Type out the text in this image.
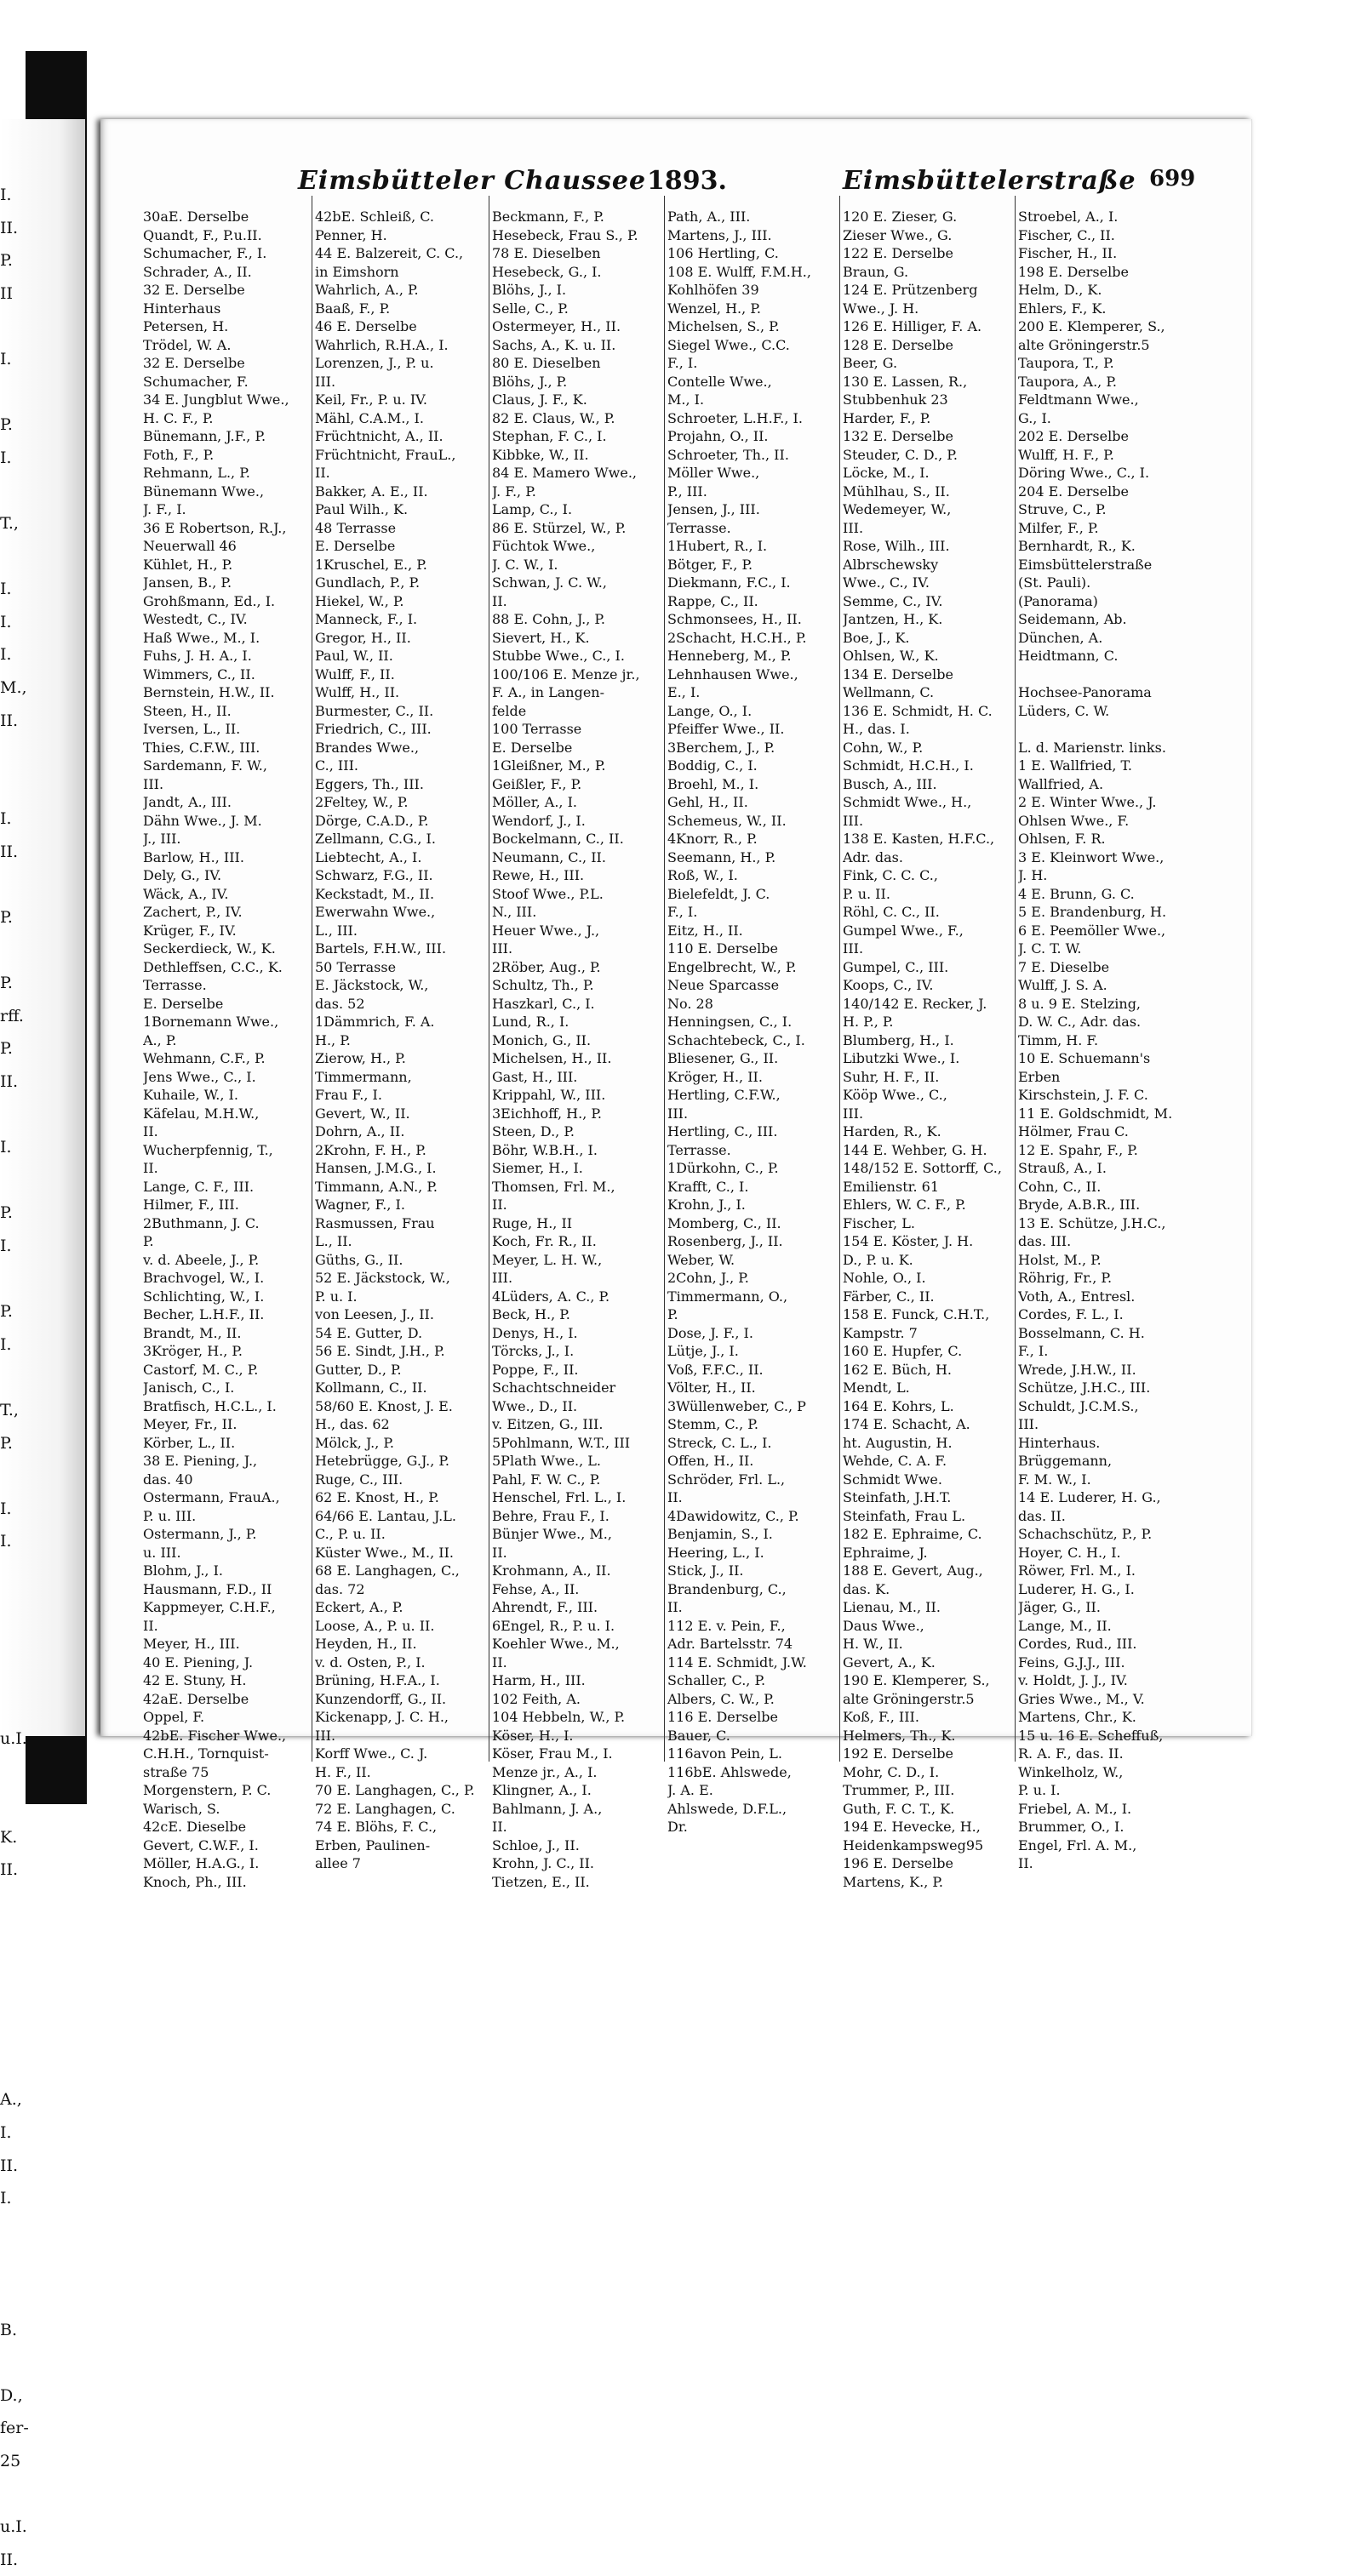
I.
II.
P.
II
I.
P.
I.
T.,
I.
I.
I.
M.,
II.
I.
II.
P.
P.
rff.
P.
II.
I.
P.
I.
P.
I.
T.,
P.
I.
I.
u.I.
K.
II.
A.,
I.
II.
I.
B.
D.,
fer-
25
u.I.
II.
Eimsbütteler Chaussee 1893.	Eimsbüttelerstraße 699
30aE. Derselbe
Quandt, F., P.u.II.
Schumacher, F., I.
Schrader, A., II.
32 E. Derselbe
Hinterhaus
Petersen, H.
Trödel, W. A.
32 E. Derselbe
Schumacher, F.
34 E. Jungblut Wwe.,
H. C. F., P.
Bünemann, J.F., P.
Foth, F., P.
Rehmann, L., P.
Bünemann Wwe.,
J. F., I.
36 E Robertson, R.J.,
Neuerwall 46
Kühlet, H., P.
Jansen, B., P.
Grohßmann, Ed., I.
Westedt, C., IV.
Haß Wwe., M., I.
Fuhs, J. H. A., I.
Wimmers, C., II.
Bernstein, H.W., II.
Steen, H., II.
Iversen, L., II.
Thies, C.F.W., III.
Sardemann, F. W.,
III.
Jandt, A., III.
Dähn Wwe., J. M.
J., III.
Barlow, H., III.
Dely, G., IV.
Wäck, A., IV.
Zachert, P., IV.
Krüger, F., IV.
Seckerdieck, W., K.
Dethleffsen, C.C., K.
Terrasse.
E. Derselbe
1Bornemann Wwe.,
A., P.
Wehmann, C.F., P.
Jens Wwe., C., I.
Kuhaile, W., I.
Käfelau, M.H.W.,
II.
Wucherpfennig, T.,
II.
Lange, C. F., III.
Hilmer, F., III.
2Buthmann, J. C.
P.
v. d. Abeele, J., P.
Brachvogel, W., I.
Schlichting, W., I.
Becher, L.H.F., II.
Brandt, M., II.
3Kröger, H., P.
Castorf, M. C., P.
Janisch, C., I.
Bratfisch, H.C.L., I.
Meyer, Fr., II.
Körber, L., II.
38 E. Piening, J.,
das. 40
Ostermann, FrauA.,
P. u. III.
Ostermann, J., P.
u. III.
Blohm, J., I.
Hausmann, F.D., II
Kappmeyer, C.H.F.,
II.
Meyer, H., III.
40 E. Piening, J.
42 E. Stuny, H.
42aE. Derselbe
Oppel, F.
42bE. Fischer Wwe.,
C.H.H., Tornquist-
straße 75
Morgenstern, P. C.
Warisch, S.
42cE. Dieselbe
Gevert, C.W.F., I.
Möller, H.A.G., I.
Knoch, Ph., III.
42bE. Schleiß, C.
Penner, H.
44 E. Balzereit, C. C.,
in Eimshorn
Wahrlich, A., P.
Baaß, F., P.
46 E. Derselbe
Wahrlich, R.H.A., I.
Lorenzen, J., P. u.
III.
Keil, Fr., P. u. IV.
Mähl, C.A.M., I.
Früchtnicht, A., II.
Früchtnicht, FrauL.,
II.
Bakker, A. E., II.
Paul Wilh., K.
48 Terrasse
E. Derselbe
1Kruschel, E., P.
Gundlach, P., P.
Hiekel, W., P.
Manneck, F., I.
Gregor, H., II.
Paul, W., II.
Wulff, F., II.
Wulff, H., II.
Burmester, C., II.
Friedrich, C., III.
Brandes Wwe.,
C., III.
Eggers, Th., III.
2Feltey, W., P.
Dörge, C.A.D., P.
Zellmann, C.G., I.
Liebtecht, A., I.
Schwarz, F.G., II.
Keckstadt, M., II.
Ewerwahn Wwe.,
L., III.
Bartels, F.H.W., III.
50 Terrasse
E. Jäckstock, W.,
das. 52
1Dämmrich, F. A.
H., P.
Zierow, H., P.
Timmermann,
Frau F., I.
Gevert, W., II.
Dohrn, A., II.
2Krohn, F. H., P.
Hansen, J.M.G., I.
Timmann, A.N., P.
Wagner, F., I.
Rasmussen, Frau
L., II.
Güths, G., II.
52 E. Jäckstock, W.,
P. u. I.
von Leesen, J., II.
54 E. Gutter, D.
56 E. Sindt, J.H., P.
Gutter, D., P.
Kollmann, C., II.
58/60 E. Knost, J. E.
H., das. 62
Mölck, J., P.
Hetebrügge, G.J., P.
Ruge, C., III.
62 E. Knost, H., P.
64/66 E. Lantau, J.L.
C., P. u. II.
Küster Wwe., M., II.
68 E. Langhagen, C.,
das. 72
Eckert, A., P.
Loose, A., P. u. II.
Heyden, H., II.
v. d. Osten, P., I.
Brüning, H.F.A., I.
Kunzendorff, G., II.
Kickenapp, J. C. H.,
III.
Korff Wwe., C. J.
H. F., II.
70 E. Langhagen, C., P.
72 E. Langhagen, C.
74 E. Blöhs, F. C.,
Erben, Paulinen-
allee 7
Beckmann, F., P.
Hesebeck, Frau S., P.
78 E. Dieselben
Hesebeck, G., I.
Blöhs, J., I.
Selle, C., P.
Ostermeyer, H., II.
Sachs, A., K. u. II.
80 E. Dieselben
Blöhs, J., P.
Claus, J. F., K.
82 E. Claus, W., P.
Stephan, F. C., I.
Kibbke, W., II.
84 E. Mamero Wwe.,
J. F., P.
Lamp, C., I.
86 E. Stürzel, W., P.
Füchtok Wwe.,
J. C. W., I.
Schwan, J. C. W.,
II.
88 E. Cohn, J., P.
Sievert, H., K.
Stubbe Wwe., C., I.
100/106 E. Menze jr.,
F. A., in Langen-
felde
100 Terrasse
E. Derselbe
1Gleißner, M., P.
Geißler, F., P.
Möller, A., I.
Wendorf, J., I.
Bockelmann, C., II.
Neumann, C., II.
Rewe, H., III.
Stoof Wwe., P.L.
N., III.
Heuer Wwe., J.,
III.
2Röber, Aug., P.
Schultz, Th., P.
Haszkarl, C., I.
Lund, R., I.
Monich, G., II.
Michelsen, H., II.
Gast, H., III.
Krippahl, W., III.
3Eichhoff, H., P.
Steen, D., P.
Böhr, W.B.H., I.
Siemer, H., I.
Thomsen, Frl. M.,
II.
Ruge, H., II
Koch, Fr. R., II.
Meyer, L. H. W.,
III.
4Lüders, A. C., P.
Beck, H., P.
Denys, H., I.
Törcks, J., I.
Poppe, F., II.
Schachtschneider
Wwe., D., II.
v. Eitzen, G., III.
5Pohlmann, W.T., III
5Plath Wwe., L.
Pahl, F. W. C., P.
Henschel, Frl. L., I.
Behre, Frau F., I.
Bünjer Wwe., M.,
II.
Krohmann, A., II.
Fehse, A., II.
Ahrendt, F., III.
6Engel, R., P. u. I.
Koehler Wwe., M.,
II.
Harm, H., III.
102 Feith, A.
104 Hebbeln, W., P.
Köser, H., I.
Köser, Frau M., I.
Menze jr., A., I.
Klingner, A., I.
Bahlmann, J. A.,
II.
Schloe, J., II.
Krohn, J. C., II.
Tietzen, E., II.
Path, A., III.
Martens, J., III.
106 Hertling, C.
108 E. Wulff, F.M.H.,
Kohlhöfen 39
Wenzel, H., P.
Michelsen, S., P.
Siegel Wwe., C.C.
F., I.
Contelle Wwe.,
M., I.
Schroeter, L.H.F., I.
Projahn, O., II.
Schroeter, Th., II.
Möller Wwe.,
P., III.
Jensen, J., III.
Terrasse.
1Hubert, R., I.
Bötger, F., P.
Diekmann, F.C., I.
Rappe, C., II.
Schmonsees, H., II.
2Schacht, H.C.H., P.
Henneberg, M., P.
Lehnhausen Wwe.,
E., I.
Lange, O., I.
Pfeiffer Wwe., II.
3Berchem, J., P.
Boddig, C., I.
Broehl, M., I.
Gehl, H., II.
Schemeus, W., II.
4Knorr, R., P.
Seemann, H., P.
Roß, W., I.
Bielefeldt, J. C.
F., I.
Eitz, H., II.
110 E. Derselbe
Engelbrecht, W., P.
Neue Sparcasse
No. 28
Henningsen, C., I.
Schachtebeck, C., I.
Bliesener, G., II.
Kröger, H., II.
Hertling, C.F.W.,
III.
Hertling, C., III.
Terrasse.
1Dürkohn, C., P.
Krafft, C., I.
Krohn, J., I.
Momberg, C., II.
Rosenberg, J., II.
Weber, W.
2Cohn, J., P.
Timmermann, O.,
P.
Dose, J. F., I.
Lütje, J., I.
Voß, F.F.C., II.
Völter, H., II.
3Wüllenweber, C., P
Stemm, C., P.
Streck, C. L., I.
Offen, H., II.
Schröder, Frl. L.,
II.
4Dawidowitz, C., P.
Benjamin, S., I.
Heering, L., I.
Stick, J., II.
Brandenburg, C.,
II.
112 E. v. Pein, F.,
Adr. Bartelsstr. 74
114 E. Schmidt, J.W.
Schaller, C., P.
Albers, C. W., P.
116 E. Derselbe
Bauer, C.
116avon Pein, L.
116bE. Ahlswede,
J. A. E.
Ahlswede, D.F.L.,
Dr.
120 E. Zieser, G.
Zieser Wwe., G.
122 E. Derselbe
Braun, G.
124 E. Prützenberg
Wwe., J. H.
126 E. Hilliger, F. A.
128 E. Derselbe
Beer, G.
130 E. Lassen, R.,
Stubbenhuk 23
Harder, F., P.
132 E. Derselbe
Steuder, C. D., P.
Löcke, M., I.
Mühlhau, S., II.
Wedemeyer, W.,
III.
Rose, Wilh., III.
Albrschewsky
Wwe., C., IV.
Semme, C., IV.
Jantzen, H., K.
Boe, J., K.
Ohlsen, W., K.
134 E. Derselbe
Wellmann, C.
136 E. Schmidt, H. C.
H., das. I.
Cohn, W., P.
Schmidt, H.C.H., I.
Busch, A., III.
Schmidt Wwe., H.,
III.
138 E. Kasten, H.F.C.,
Adr. das.
Fink, C. C. C.,
P. u. II.
Röhl, C. C., II.
Gumpel Wwe., F.,
III.
Gumpel, C., III.
Koops, C., IV.
140/142 E. Recker, J.
H. P., P.
Blumberg, H., I.
Libutzki Wwe., I.
Suhr, H. F., II.
Kööp Wwe., C.,
III.
Harden, R., K.
144 E. Wehber, G. H.
148/152 E. Sottorff, C.,
Emilienstr. 61
Ehlers, W. C. F., P.
Fischer, L.
154 E. Köster, J. H.
D., P. u. K.
Nohle, O., I.
Färber, C., II.
158 E. Funck, C.H.T.,
Kampstr. 7
160 E. Hupfer, C.
162 E. Büch, H.
Mendt, L.
164 E. Kohrs, L.
174 E. Schacht, A.
ht. Augustin, H.
Wehde, C. A. F.
Schmidt Wwe.
Steinfath, J.H.T.
Steinfath, Frau L.
182 E. Ephraime, C.
Ephraime, J.
188 E. Gevert, Aug.,
das. K.
Lienau, M., II.
Daus Wwe.,
H. W., II.
Gevert, A., K.
190 E. Klemperer, S.,
alte Gröningerstr.5
Koß, F., III.
Helmers, Th., K.
192 E. Derselbe
Mohr, C. D., I.
Trummer, P., III.
Guth, F. C. T., K.
194 E. Hevecke, H.,
Heidenkampsweg95
196 E. Derselbe
Martens, K., P.
Stroebel, A., I.
Fischer, C., II.
Fischer, H., II.
198 E. Derselbe
Helm, D., K.
Ehlers, F., K.
200 E. Klemperer, S.,
alte Gröningerstr.5
Taupora, T., P.
Taupora, A., P.
Feldtmann Wwe.,
G., I.
202 E. Derselbe
Wulff, H. F., P.
Döring Wwe., C., I.
204 E. Derselbe
Struve, C., P.
Milfer, F., P.
Bernhardt, R., K.
Eimsbüttelerstraße
(St. Pauli).
(Panorama)
Seidemann, Ab.
Dünchen, A.
Heidtmann, C.
Hochsee-Panorama
Lüders, C. W.
L. d. Marienstr. links.
1 E. Wallfried, T.
Wallfried, A.
2 E. Winter Wwe., J.
Ohlsen Wwe., F.
Ohlsen, F. R.
3 E. Kleinwort Wwe.,
J. H.
4 E. Brunn, G. C.
5 E. Brandenburg, H.
6 E. Peemöller Wwe.,
J. C. T. W.
7 E. Dieselbe
Wulff, J. S. A.
8 u. 9 E. Stelzing,
D. W. C., Adr. das.
Timm, H. F.
10 E. Schuemann's
Erben
Kirschstein, J. F. C.
11 E. Goldschmidt, M.
Hölmer, Frau C.
12 E. Spahr, F., P.
Strauß, A., I.
Cohn, C., II.
Bryde, A.B.R., III.
13 E. Schütze, J.H.C.,
das. III.
Holst, M., P.
Röhrig, Fr., P.
Voth, A., Entresl.
Cordes, F. L., I.
Bosselmann, C. H.
F., I.
Wrede, J.H.W., II.
Schütze, J.H.C., III.
Schuldt, J.C.M.S.,
III.
Hinterhaus.
Brüggemann,
F. M. W., I.
14 E. Luderer, H. G.,
das. II.
Schachschütz, P., P.
Hoyer, C. H., I.
Röwer, Frl. M., I.
Luderer, H. G., I.
Jäger, G., II.
Lange, M., II.
Cordes, Rud., III.
Feins, G.J.J., III.
v. Holdt, J. J., IV.
Gries Wwe., M., V.
Martens, Chr., K.
15 u. 16 E. Scheffuß,
R. A. F., das. II.
Winkelholz, W.,
P. u. I.
Friebel, A. M., I.
Brummer, O., I.
Engel, Frl. A. M.,
II.
